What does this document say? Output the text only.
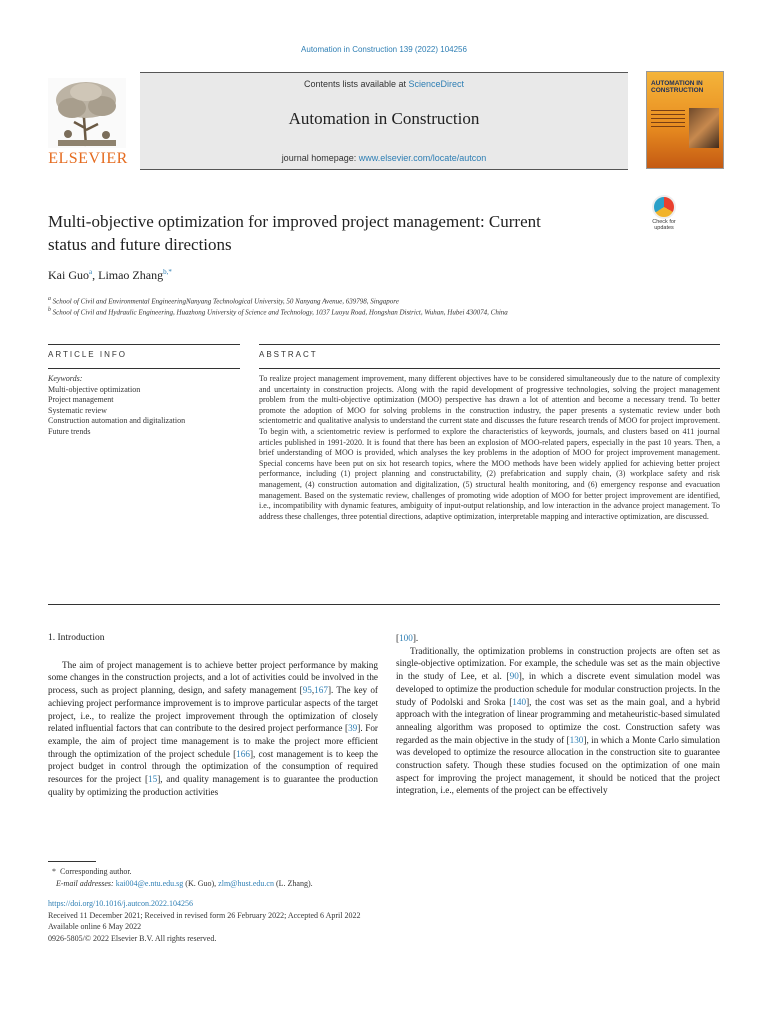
Automation in Construction 139 (2022) 104256
ELSEVIER
Contents lists available at ScienceDirect
Automation in Construction
journal homepage: www.elsevier.com/locate/autcon
AUTOMATION IN CONSTRUCTION
Multi-objective optimization for improved project management: Current
status and future directions
Check for
updates
Kai Guo$^a$, Limao Zhang$^{b,*}$
$^a$ School of Civil and Environmental EngineeringNanyang Technological University, 50 Nanyang Avenue, 639798, Singapore
$^b$ School of Civil and Hydraulic Engineering, Huazhong University of Science and Technology, 1037 Luoyu Road, Hongshan District, Wuhan, Hubei 430074, China
ARTICLE INFO	ABSTRACT
Keywords:
Multi-objective optimization
Project management
Systematic review
Construction automation and digitalization
Future trends
To realize project management improvement, many different objectives have to be considered simultaneously due to the nature of complexity and uncertainty in construction projects. Along with the rapid development of progressive technologies, solving the project management problem from the multi-objective optimization (MOO) perspective has drawn a lot of attention and become a necessary trend. To better promote the adoption of MOO for solving problems in the construction industry, the paper presents a systematic review under both scientometric and qualitative analysis to understand the current state and discusses the future research trends of MOO for project improvement. To begin with, a scientometric review is performed to explore the characteristics of keywords, journals, and clusters based on 411 journal articles published in 1991-2020. It is found that there has been an explosion of MOO-related papers, especially in the past 10 years. Then, a brief understanding of MOO is provided, which analyses the key problems in the adoption of MOO for project improvement management. Special concerns have been put on six hot research topics, where the MOO methods have been widely applied for achieving better project performance, including (1) project planning and constructability, (2) prefabrication and supply chain, (3) workplace safety and risk management, (4) construction automation and digitalization, (5) structural health monitoring, and (6) emergency response and evacuation management. Based on the systematic review, challenges of promoting wide adoption of MOO for better project improvement are identified, i.e., incompatibility with dynamic features, ambiguity of input-output relationship, and low interaction in the advance project management. To address these challenges, three potential directions, adaptive optimization, interpretable mapping and interactive optimization, are discussed.
1. Introduction

The aim of project management is to achieve better project performance by making some changes in the construction projects, and a lot of activities could be involved in the process, such as project planning, design, and safety management [95,167]. The key of achieving project performance improvement is to improve particular aspects of the target project, i.e., to realize the project improvement through the optimization of closely related influential factors that can contribute to the desired project performance [39]. For example, the aim of project time management is to make the project more efficient through the optimization of the project schedule [166], cost management is to keep the project budget in control through the optimization of the consumption of required resources for the project [15], and quality management is to guarantee the production quality by optimizing the production activities

[100].

Traditionally, the optimization problems in construction projects are often set as single-objective optimization. For example, the schedule was set as the main objective in the study of Lee, et al. [90], in which a discrete event simulation model was developed to optimize the production schedule for modular construction projects. In the study of Podolski and Sroka [140], the cost was set as the main goal, and a hybrid approach with the integration of linear programming and metaheuristic-based simulated annealing algorithm was proposed to optimize the cost. Construction safety was regarded as the main objective in the study of [130], in which a Monte Carlo simulation was developed to optimize the resource allocation in the construction site to guarantee construction safety. Though these studies focused on the optimization of one main aspect for improving the project management, it should be noticed that the project integration, i.e., elements of the project can be effectively

* Corresponding author.
E-mail addresses: kai004@e.ntu.edu.sg (K. Guo), zlm@hust.edu.cn (L. Zhang).
https://doi.org/10.1016/j.autcon.2022.104256
Received 11 December 2021; Received in revised form 26 February 2022; Accepted 6 April 2022
Available online 6 May 2022
0926-5805/© 2022 Elsevier B.V. All rights reserved.
